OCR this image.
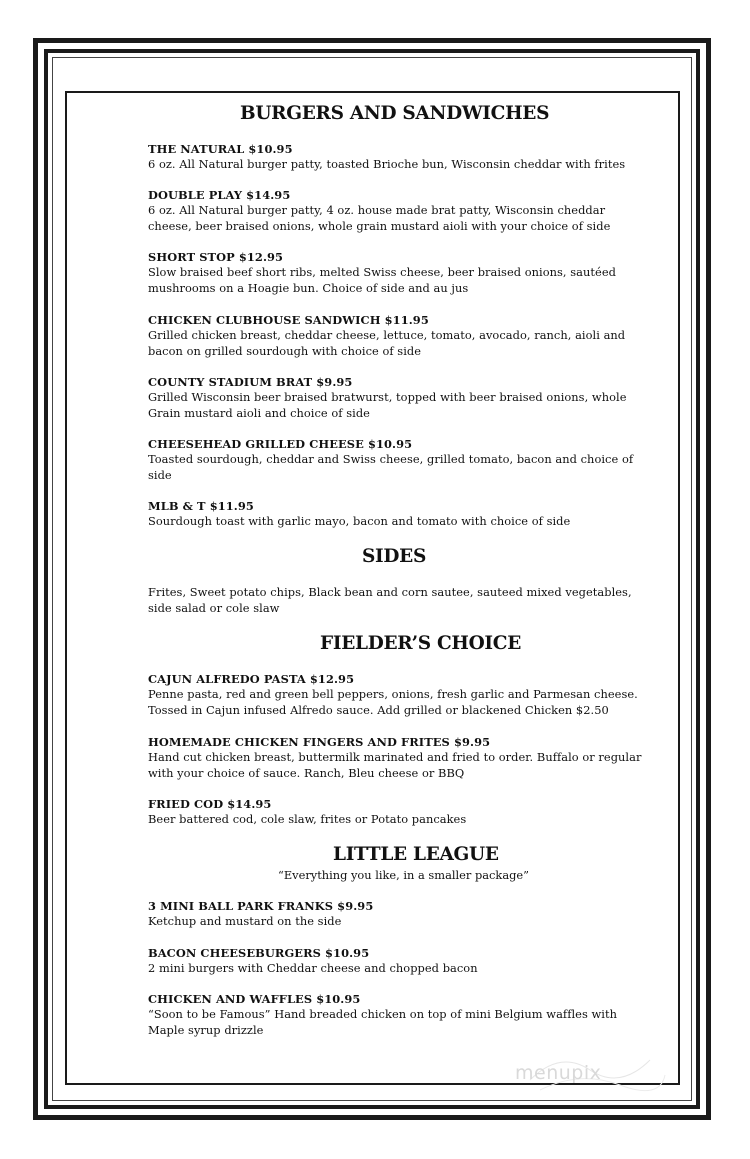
BURGERS AND SANDWICHES
THE NATURAL $10.95
6 oz. All Natural burger patty, toasted Brioche bun, Wisconsin cheddar with frites
DOUBLE PLAY $14.95
6 oz. All Natural burger patty, 4 oz. house made brat patty, Wisconsin cheddar
cheese, beer braised onions, whole grain mustard aioli with your choice of side
SHORT STOP $12.95
Slow braised beef short ribs, melted Swiss cheese, beer braised onions, sautéed
mushrooms on a Hoagie bun. Choice of side and au jus
CHICKEN CLUBHOUSE SANDWICH $11.95
Grilled chicken breast, cheddar cheese, lettuce, tomato, avocado, ranch, aioli and
bacon on grilled sourdough with choice of side
COUNTY STADIUM BRAT $9.95
Grilled Wisconsin beer braised bratwurst, topped with beer braised onions, whole
Grain mustard aioli and choice of side
CHEESEHEAD GRILLED CHEESE $10.95
Toasted sourdough, cheddar and Swiss cheese, grilled tomato, bacon and choice of
side
MLB & T $11.95
Sourdough toast with garlic mayo, bacon and tomato with choice of side
SIDES
Frites, Sweet potato chips, Black bean and corn sautee, sauteed mixed vegetables,
side salad or cole slaw
FIELDER’S CHOICE
CAJUN ALFREDO PASTA $12.95
Penne pasta, red and green bell peppers, onions, fresh garlic and Parmesan cheese.
Tossed in Cajun infused Alfredo sauce. Add grilled or blackened Chicken $2.50
HOMEMADE CHICKEN FINGERS AND FRITES $9.95
Hand cut chicken breast, buttermilk marinated and fried to order. Buffalo or regular
with your choice of sauce. Ranch, Bleu cheese or BBQ
FRIED COD $14.95
Beer battered cod, cole slaw, frites or Potato pancakes
LITTLE LEAGUE
“Everything you like, in a smaller package”
3 MINI BALL PARK FRANKS $9.95
Ketchup and mustard on the side
BACON CHEESEBURGERS $10.95
2 mini burgers with Cheddar cheese and chopped bacon
CHICKEN AND WAFFLES $10.95
“Soon to be Famous” Hand breaded chicken on top of mini Belgium waffles with
Maple syrup drizzle
menupix
